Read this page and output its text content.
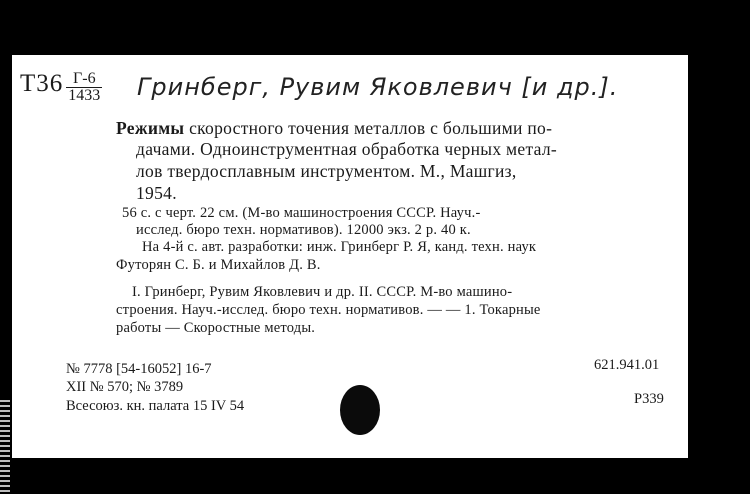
$Т36 \frac{Г-6}{1433}$ Гринберг, Рувим Яковлевич [и др.].
Режимы скоростного точения металлов с большими по-
дачами. Одноинструментная обработка черных метал-
лов твердосплавным инструментом. М., Машгиз,
1954.
56 с. с черт. 22 см. (М-во машиностроения СССР. Науч.-
исслед. бюро техн. нормативов). 12000 экз. 2 р. 40 к.
На 4-й с. авт. разработки: инж. Гринберг Р. Я, канд. техн. наук
Футорян С. Б. и Михайлов Д. В.
I. Гринберг, Рувим Яковлевич и др. II. СССР. М-во машино-
строения. Науч.-исслед. бюро техн. нормативов. — — 1. Токарные
работы — Скоростные методы.
№ 7778 [54-16052] 16-7
XII № 570; № 3789
Всесоюз. кн. палата 15 IV 54
621.941.01
Р339
